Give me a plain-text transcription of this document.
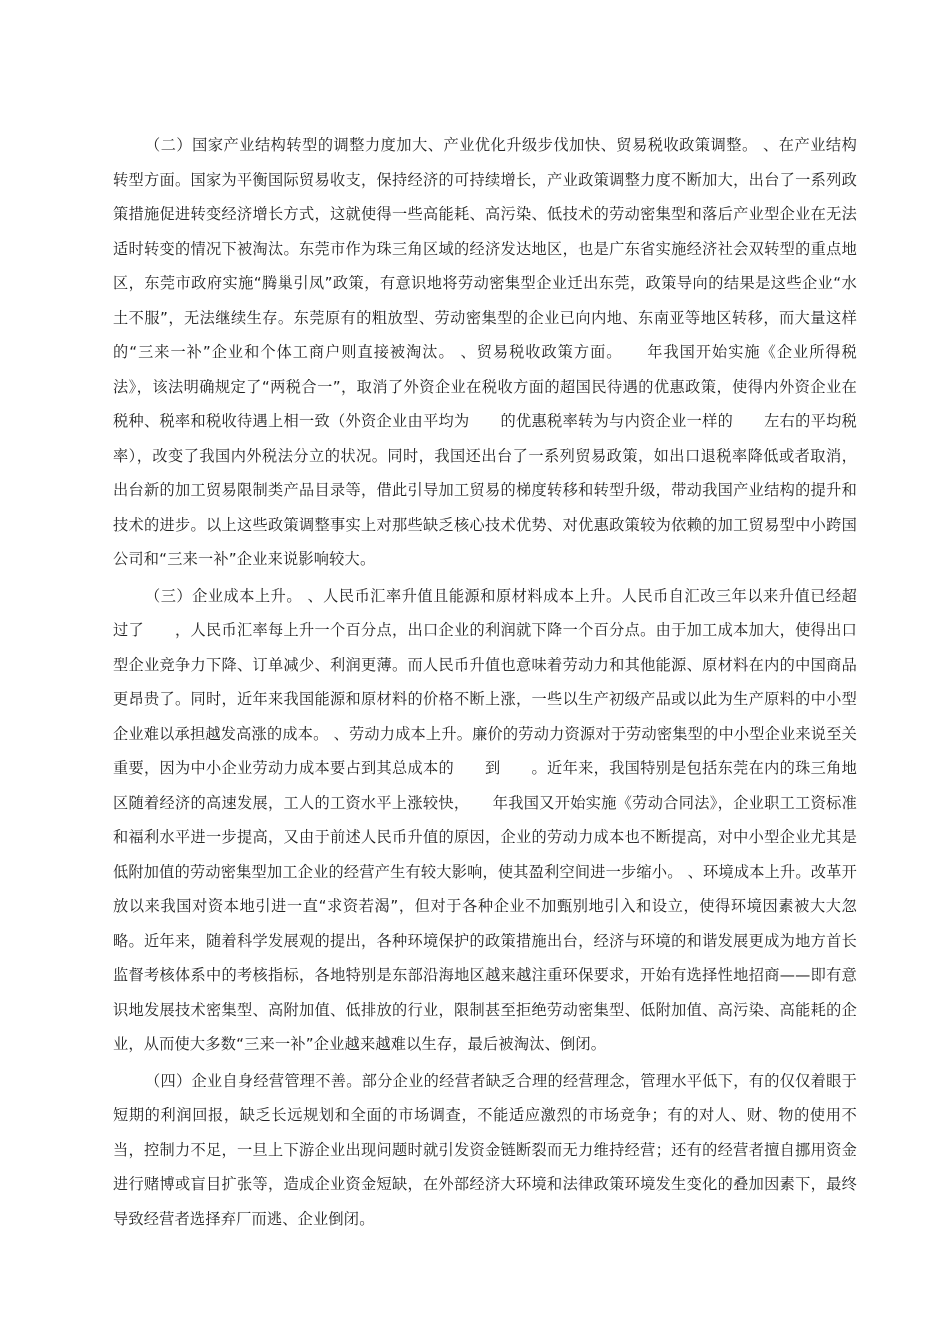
（二）国家产业结构转型的调整力度加大、产业优化升级步伐加快、贸易税收政策调整。 、在产业结构转型方面。国家为平衡国际贸易收支，保持经济的可持续增长，产业政策调整力度不断加大，出台了一系列政策措施促进转变经济增长方式，这就使得一些高能耗、高污染、低技术的劳动密集型和落后产业型企业在无法适时转变的情况下被淘汰。东莞市作为珠三角区域的经济发达地区，也是广东省实施经济社会双转型的重点地区，东莞市政府实施“腾巢引凤”政策，有意识地将劳动密集型企业迁出东莞，政策导向的结果是这些企业“水土不服”，无法继续生存。东莞原有的粗放型、劳动密集型的企业已向内地、东南亚等地区转移，而大量这样的“三来一补”企业和个体工商户则直接被淘汰。 、贸易税收政策方面。　　年我国开始实施《企业所得税法》，该法明确规定了“两税合一”，取消了外资企业在税收方面的超国民待遇的优惠政策，使得内外资企业在税种、税率和税收待遇上相一致（外资企业由平均为　　的优惠税率转为与内资企业一样的　　左右的平均税率），改变了我国内外税法分立的状况。同时，我国还出台了一系列贸易政策，如出口退税率降低或者取消，出台新的加工贸易限制类产品目录等，借此引导加工贸易的梯度转移和转型升级，带动我国产业结构的提升和技术的进步。以上这些政策调整事实上对那些缺乏核心技术优势、对优惠政策较为依赖的加工贸易型中小跨国公司和“三来一补”企业来说影响较大。

（三）企业成本上升。 、人民币汇率升值且能源和原材料成本上升。人民币自汇改三年以来升值已经超过了　　，人民币汇率每上升一个百分点，出口企业的利润就下降一个百分点。由于加工成本加大，使得出口型企业竞争力下降、订单减少、利润更薄。而人民币升值也意味着劳动力和其他能源、原材料在内的中国商品更昂贵了。同时，近年来我国能源和原材料的价格不断上涨，一些以生产初级产品或以此为生产原料的中小型企业难以承担越发高涨的成本。 、劳动力成本上升。廉价的劳动力资源对于劳动密集型的中小型企业来说至关重要，因为中小企业劳动力成本要占到其总成本的　　到　　。近年来，我国特别是包括东莞在内的珠三角地区随着经济的高速发展，工人的工资水平上涨较快，　　年我国又开始实施《劳动合同法》，企业职工工资标准和福利水平进一步提高，又由于前述人民币升值的原因，企业的劳动力成本也不断提高，对中小型企业尤其是低附加值的劳动密集型加工企业的经营产生有较大影响，使其盈利空间进一步缩小。 、环境成本上升。改革开放以来我国对资本地引进一直“求资若渴”，但对于各种企业不加甄别地引入和设立，使得环境因素被大大忽略。近年来，随着科学发展观的提出，各种环境保护的政策措施出台，经济与环境的和谐发展更成为地方首长监督考核体系中的考核指标，各地特别是东部沿海地区越来越注重环保要求，开始有选择性地招商——即有意识地发展技术密集型、高附加值、低排放的行业，限制甚至拒绝劳动密集型、低附加值、高污染、高能耗的企业，从而使大多数“三来一补”企业越来越难以生存，最后被淘汰、倒闭。

（四）企业自身经营管理不善。部分企业的经营者缺乏合理的经营理念，管理水平低下，有的仅仅着眼于短期的利润回报，缺乏长远规划和全面的市场调查，不能适应激烈的市场竞争；有的对人、财、物的使用不当，控制力不足，一旦上下游企业出现问题时就引发资金链断裂而无力维持经营；还有的经营者擅自挪用资金进行赌博或盲目扩张等，造成企业资金短缺，在外部经济大环境和法律政策环境发生变化的叠加因素下，最终导致经营者选择弃厂而逃、企业倒闭。
